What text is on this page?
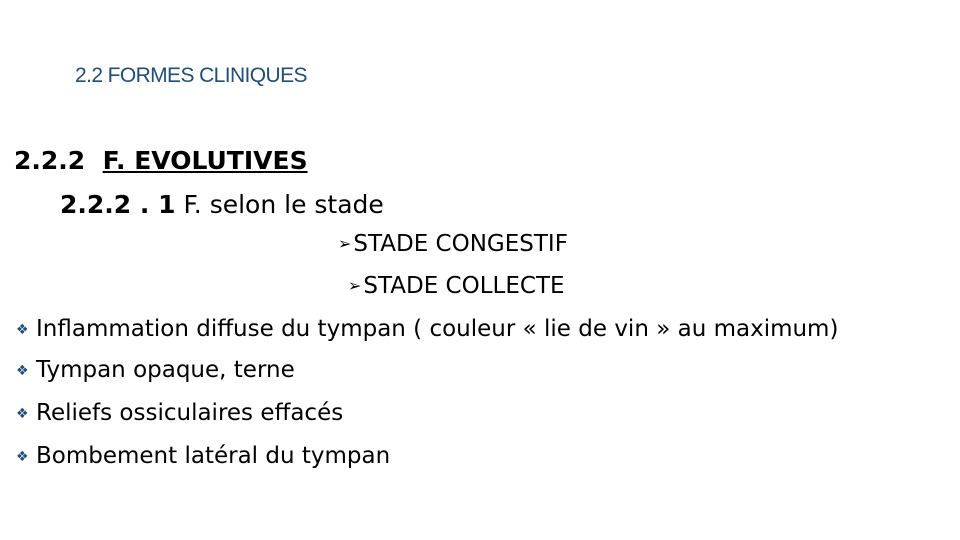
2.2 FORMES CLINIQUES
2.2.2 F. EVOLUTIVES
2.2.2 . 1 F. selon le stade
➢STADE CONGESTIF
➢STADE COLLECTE
❖ Inflammation diffuse du tympan ( couleur « lie de vin » au maximum)
❖ Tympan opaque, terne
❖ Reliefs ossiculaires effacés
❖ Bombement latéral du tympan
